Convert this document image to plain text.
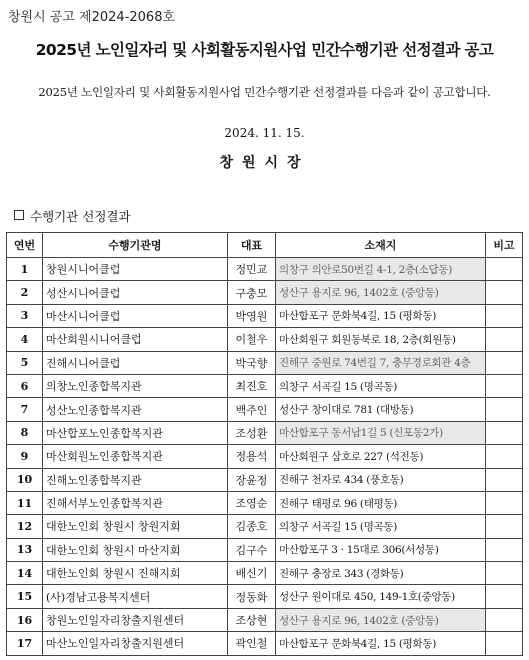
창원시 공고 제2024-2068호
2025년 노인일자리 및 사회활동지원사업 민간수행기관 선정결과 공고
2025년 노인일자리 및 사회활동지원사업 민간수행기관 선정결과를 다음과 같이 공고합니다.
2024. 11. 15.
창원시장
수행기관 선정결과
연번	수행기관명	대표	소재지	비고
1	창원시니어클럽	정민교	의창구 의안로50번길 4-1, 2층(소답동)	
2	성산시니어클럽	구충모	성산구 용지로 96, 1402호 (중앙동)	
3	마산시니어클럽	박영원	마산합포구 문화북4길, 15 (평화동)	
4	마산회원시니어클럽	이철우	마산회원구 회원동북로 18, 2층(회원동)	
5	진해시니어클럽	박국향	진해구 중원로 74번길 7, 충무경로회관 4층	
6	의창노인종합복지관	최진호	의창구 서곡길 15 (명곡동)	
7	성산노인종합복지관	백주인	성산구 창이대로 781 (대방동)	
8	마산합포노인종합복지관	조성환	마산합포구 동서남1길 5 (신포동2가)	
9	마산회원노인종합복지관	정용석	마산회원구 삼호로 227 (석전동)	
10	진해노인종합복지관	장윤정	진해구 천자로 434 (풍호동)	
11	진해서부노인종합복지관	조영순	진해구 태평로 96 (태평동)	
12	대한노인회 창원시 창원지회	김종호	의창구 서곡길 15 (명곡동)	
13	대한노인회 창원시 마산지회	김구수	마산합포구 3 · 15대로 306(서성동)	
14	대한노인회 창원시 진해지회	배신기	진해구 충장로 343 (경화동)	
15	(사)경남고용복지센터	정동화	성산구 원이대로 450, 149-1호(중앙동)	
16	창원노인일자리창출지원센터	조상현	성산구 용지로 96, 1402호 (중앙동)	
17	마산노인일자리창출지원센터	곽인철	마산합포구 문화북4길, 15 (평화동)	
